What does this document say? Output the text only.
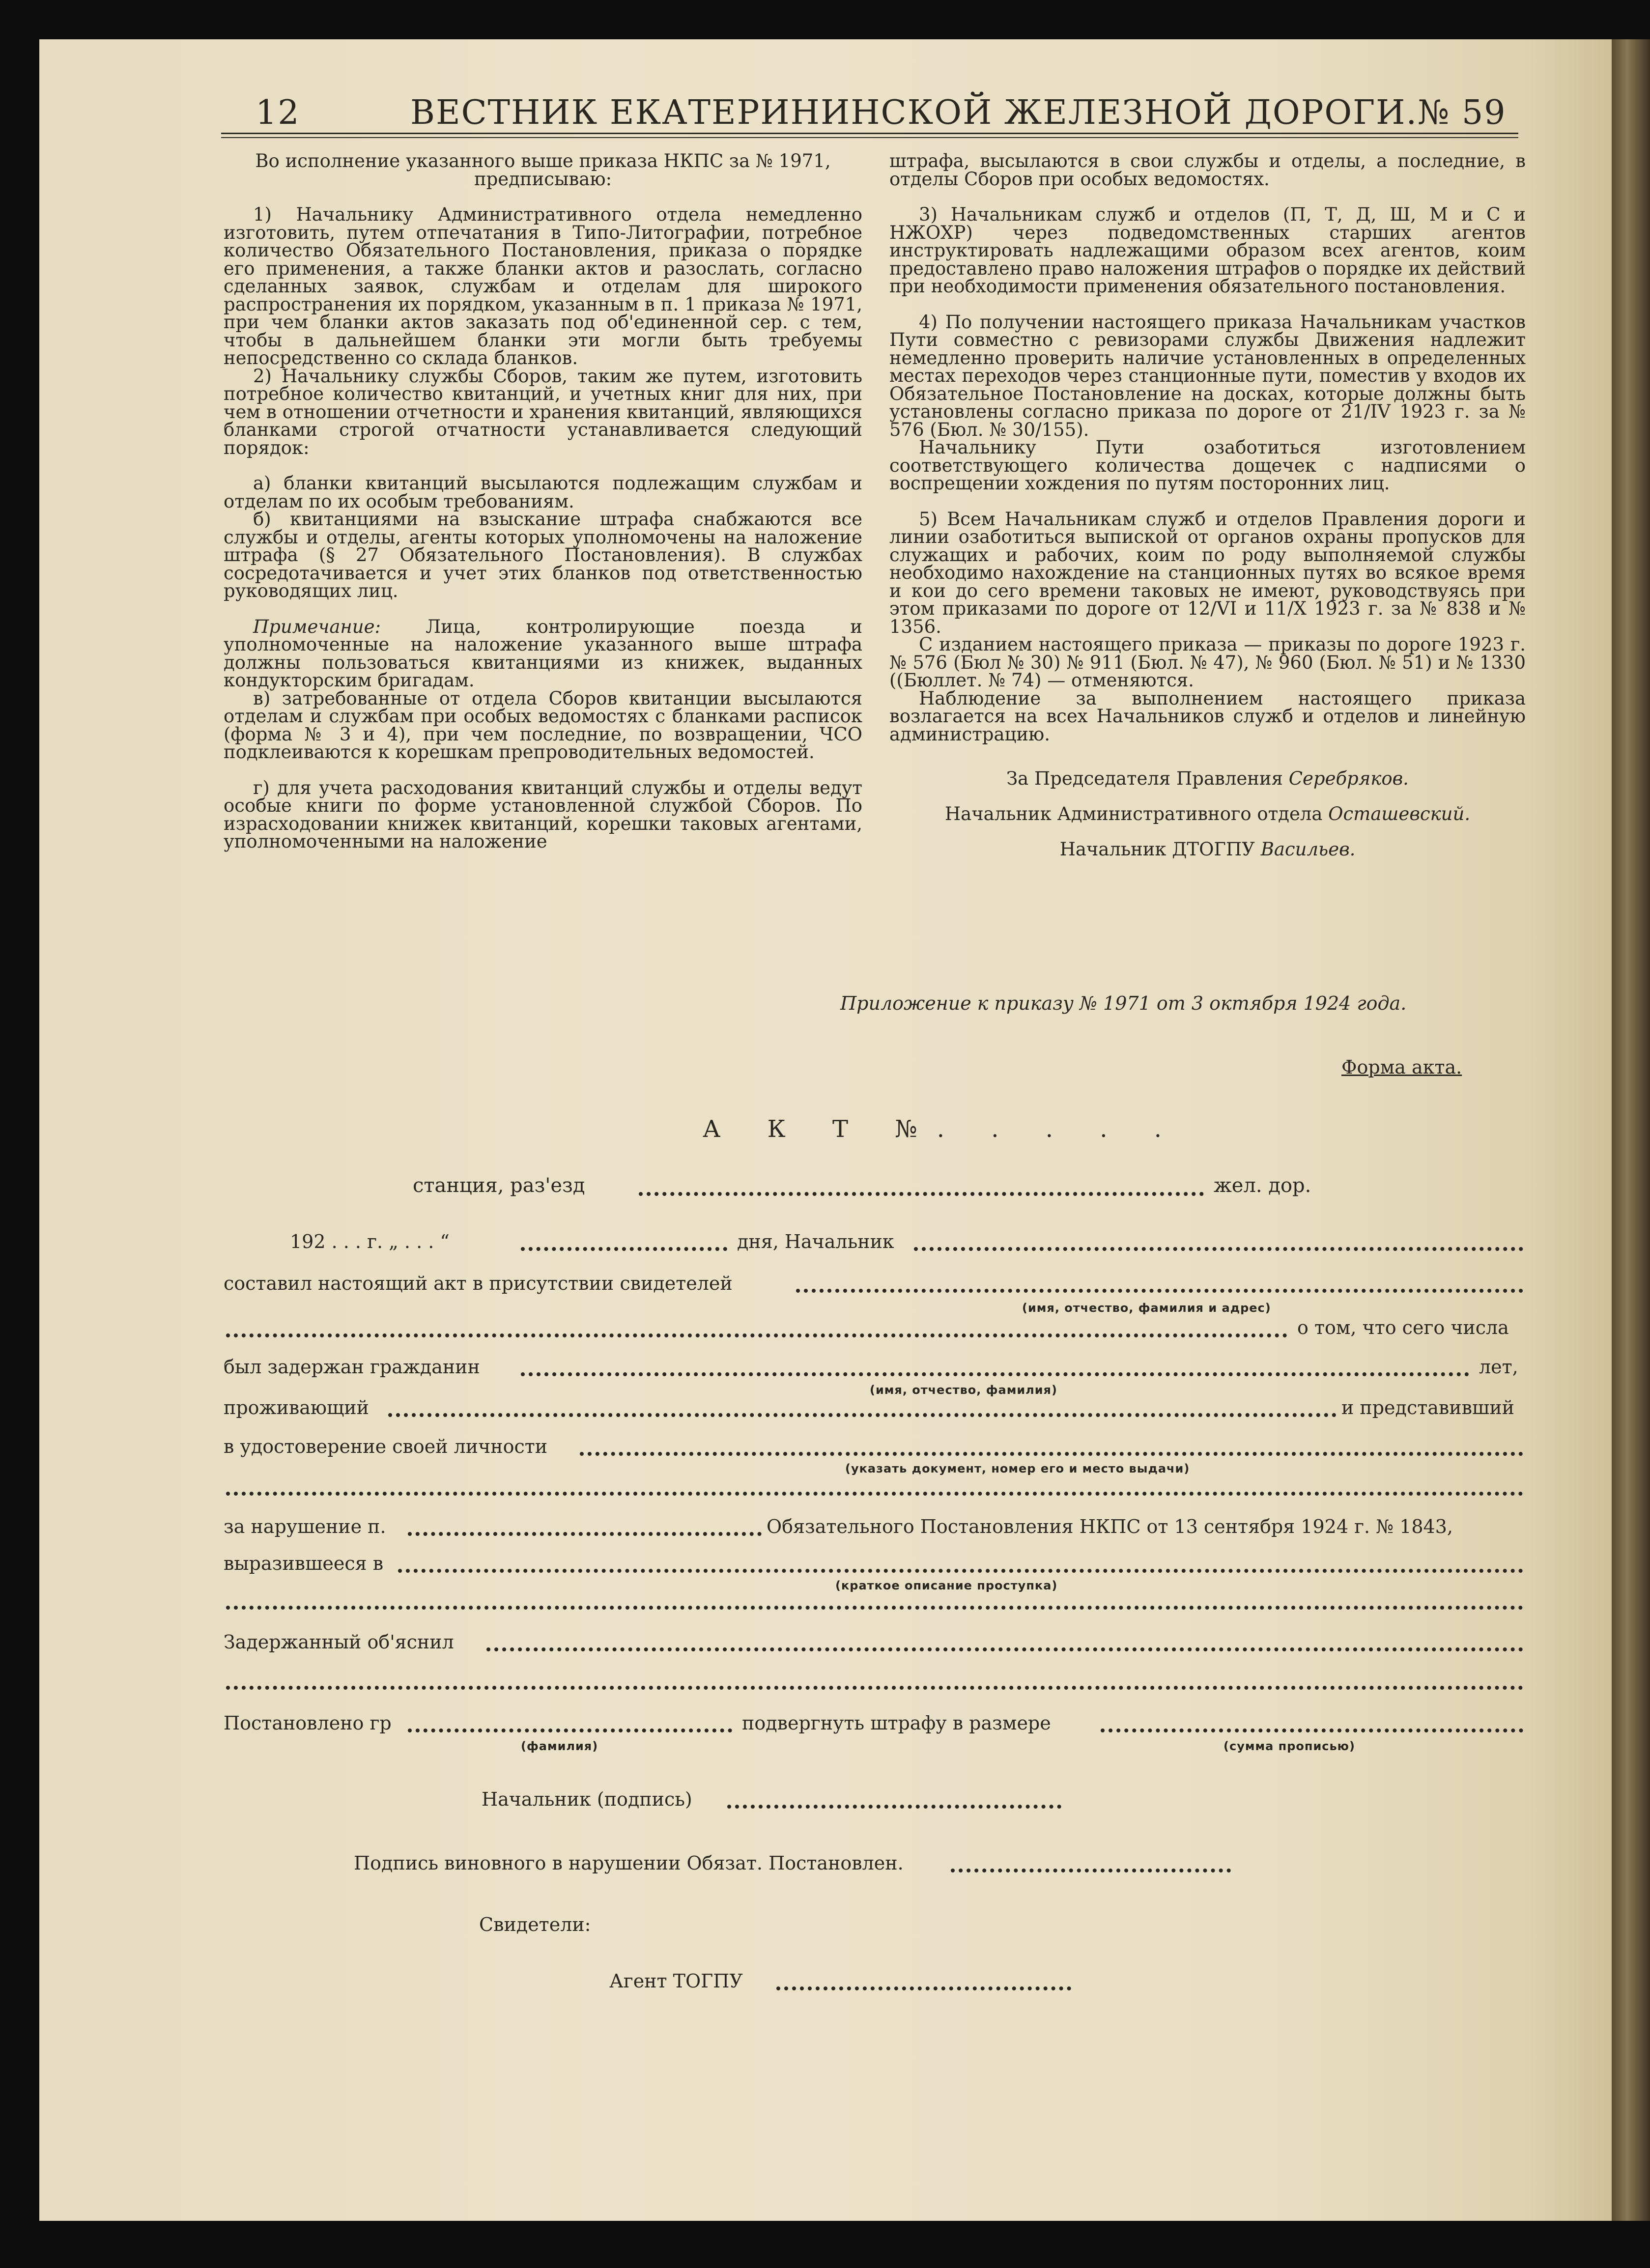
12	ВЕСТНИК ЕКАТЕРИНИНСКОЙ ЖЕЛЕЗНОЙ ДОРОГИ. № 59

Во исполнение указанного выше приказа НКПС за № 1971, предписываю:

1) Начальнику Административного отдела немедленно изготовить, путем отпечатания в Типо-Литографии, потребное количество Обязательного Постановления, приказа о порядке его применения, а также бланки актов и разослать, согласно сделанных заявок, службам и отделам для широкого распространения их порядком, указанным в п. 1 приказа № 1971, при чем бланки актов заказать под об'единенной сер. с тем, чтобы в дальнейшем бланки эти могли быть требуемы непосредственно со склада бланков.

2) Начальнику службы Сборов, таким же путем, изготовить потребное количество квитанций, и учетных книг для них, при чем в отношении отчетности и хранения квитанций, являющихся бланками строгой отчатности устанавливается следующий порядок:

а) бланки квитанций высылаются подлежащим службам и отделам по их особым требованиям.

б) квитанциями на взыскание штрафа снабжаются все службы и отделы, агенты которых уполномочены на наложение штрафа (§ 27 Обязательного Постановления). В службах сосредотачивается и учет этих бланков под ответственностью руководящих лиц.

Примечание: Лица, контролирующие поезда и уполномоченные на наложение указанного выше штрафа должны пользоваться квитанциями из книжек, выданных кондукторским бригадам.

в) затребованные от отдела Сборов квитанции высылаются отделам и службам при особых ведомостях с бланками расписок (форма № 3 и 4), при чем последние, по возвращении, ЧСО подклеиваются к корешкам препроводительных ведомостей.

г) для учета расходования квитанций службы и отделы ведут особые книги по форме установленной службой Сборов. По израсходовании книжек квитанций, корешки таковых агентами, уполномоченными на наложение

штрафа, высылаются в свои службы и отделы, а последние, в отделы Сборов при особых ведомостях.

3) Начальникам служб и отделов (П, Т, Д, Ш, М и С и НЖОХР) через подведомственных старших агентов инструктировать надлежащими образом всех агентов, коим предоставлено право наложения штрафов о порядке их действий при необходимости применения обязательного постановления.

4) По получении настоящего приказа Начальникам участков Пути совместно с ревизорами службы Движения надлежит немедленно проверить наличие установленных в определенных местах переходов через станционные пути, поместив у входов их Обязательное Постановление на досках, которые должны быть установлены согласно приказа по дороге от 21/IV 1923 г. за № 576 (Бюл. № 30/155).

Начальнику Пути озаботиться изготовлением соответствующего количества дощечек с надписями о воспрещении хождения по путям посторонних лиц.

5) Всем Начальникам служб и отделов Правления дороги и линии озаботиться выпиской от органов охраны пропусков для служащих и рабочих, коим по роду выполняемой службы необходимо нахождение на станционных путях во всякое время и кои до сего времени таковых не имеют, руководствуясь при этом приказами по дороге от 12/VI и 11/X 1923 г. за № 838 и № 1356.

С изданием настоящего приказа — приказы по дороге 1923 г. № 576 (Бюл № 30) № 911 (Бюл. № 47), № 960 (Бюл. № 51) и № 1330 ((Бюллет. № 74) — отменяются.

Наблюдение за выполнением настоящего приказа возлагается на всех Начальников служб и отделов и линейную администрацию.

За Председателя Правления Серебряков.

Начальник Административного отдела Осташевский.

Начальник ДТОГПУ Васильев.

Приложение к приказу № 1971 от 3 октября 1924 года.
Форма акта.
А К Т №. . . . .
станция, раз'езд	жел. дор.
192 . . . г. „ . . . “	дня, Начальник
составил настоящий акт в присутствии свидетелей
(имя, отчество, фамилия и адрес)
о том, что сего числа
был задержан гражданин	лет,
(имя, отчество, фамилия)
проживающий	и представивший
в удостоверение своей личности
(указать документ, номер его и место выдачи)
за нарушение п.	Обязательного Постановления НКПС от 13 сентября 1924 г. № 1843,
выразившееся в
(краткое описание проступка)
Задержанный об'яснил
Постановлено гр	подвергнуть штрафу в размере
(фамилия)	(сумма прописью)
Начальник (подпись)
Подпись виновного в нарушении Обязат. Постановлен.
Свидетели:
Агент ТОГПУ
